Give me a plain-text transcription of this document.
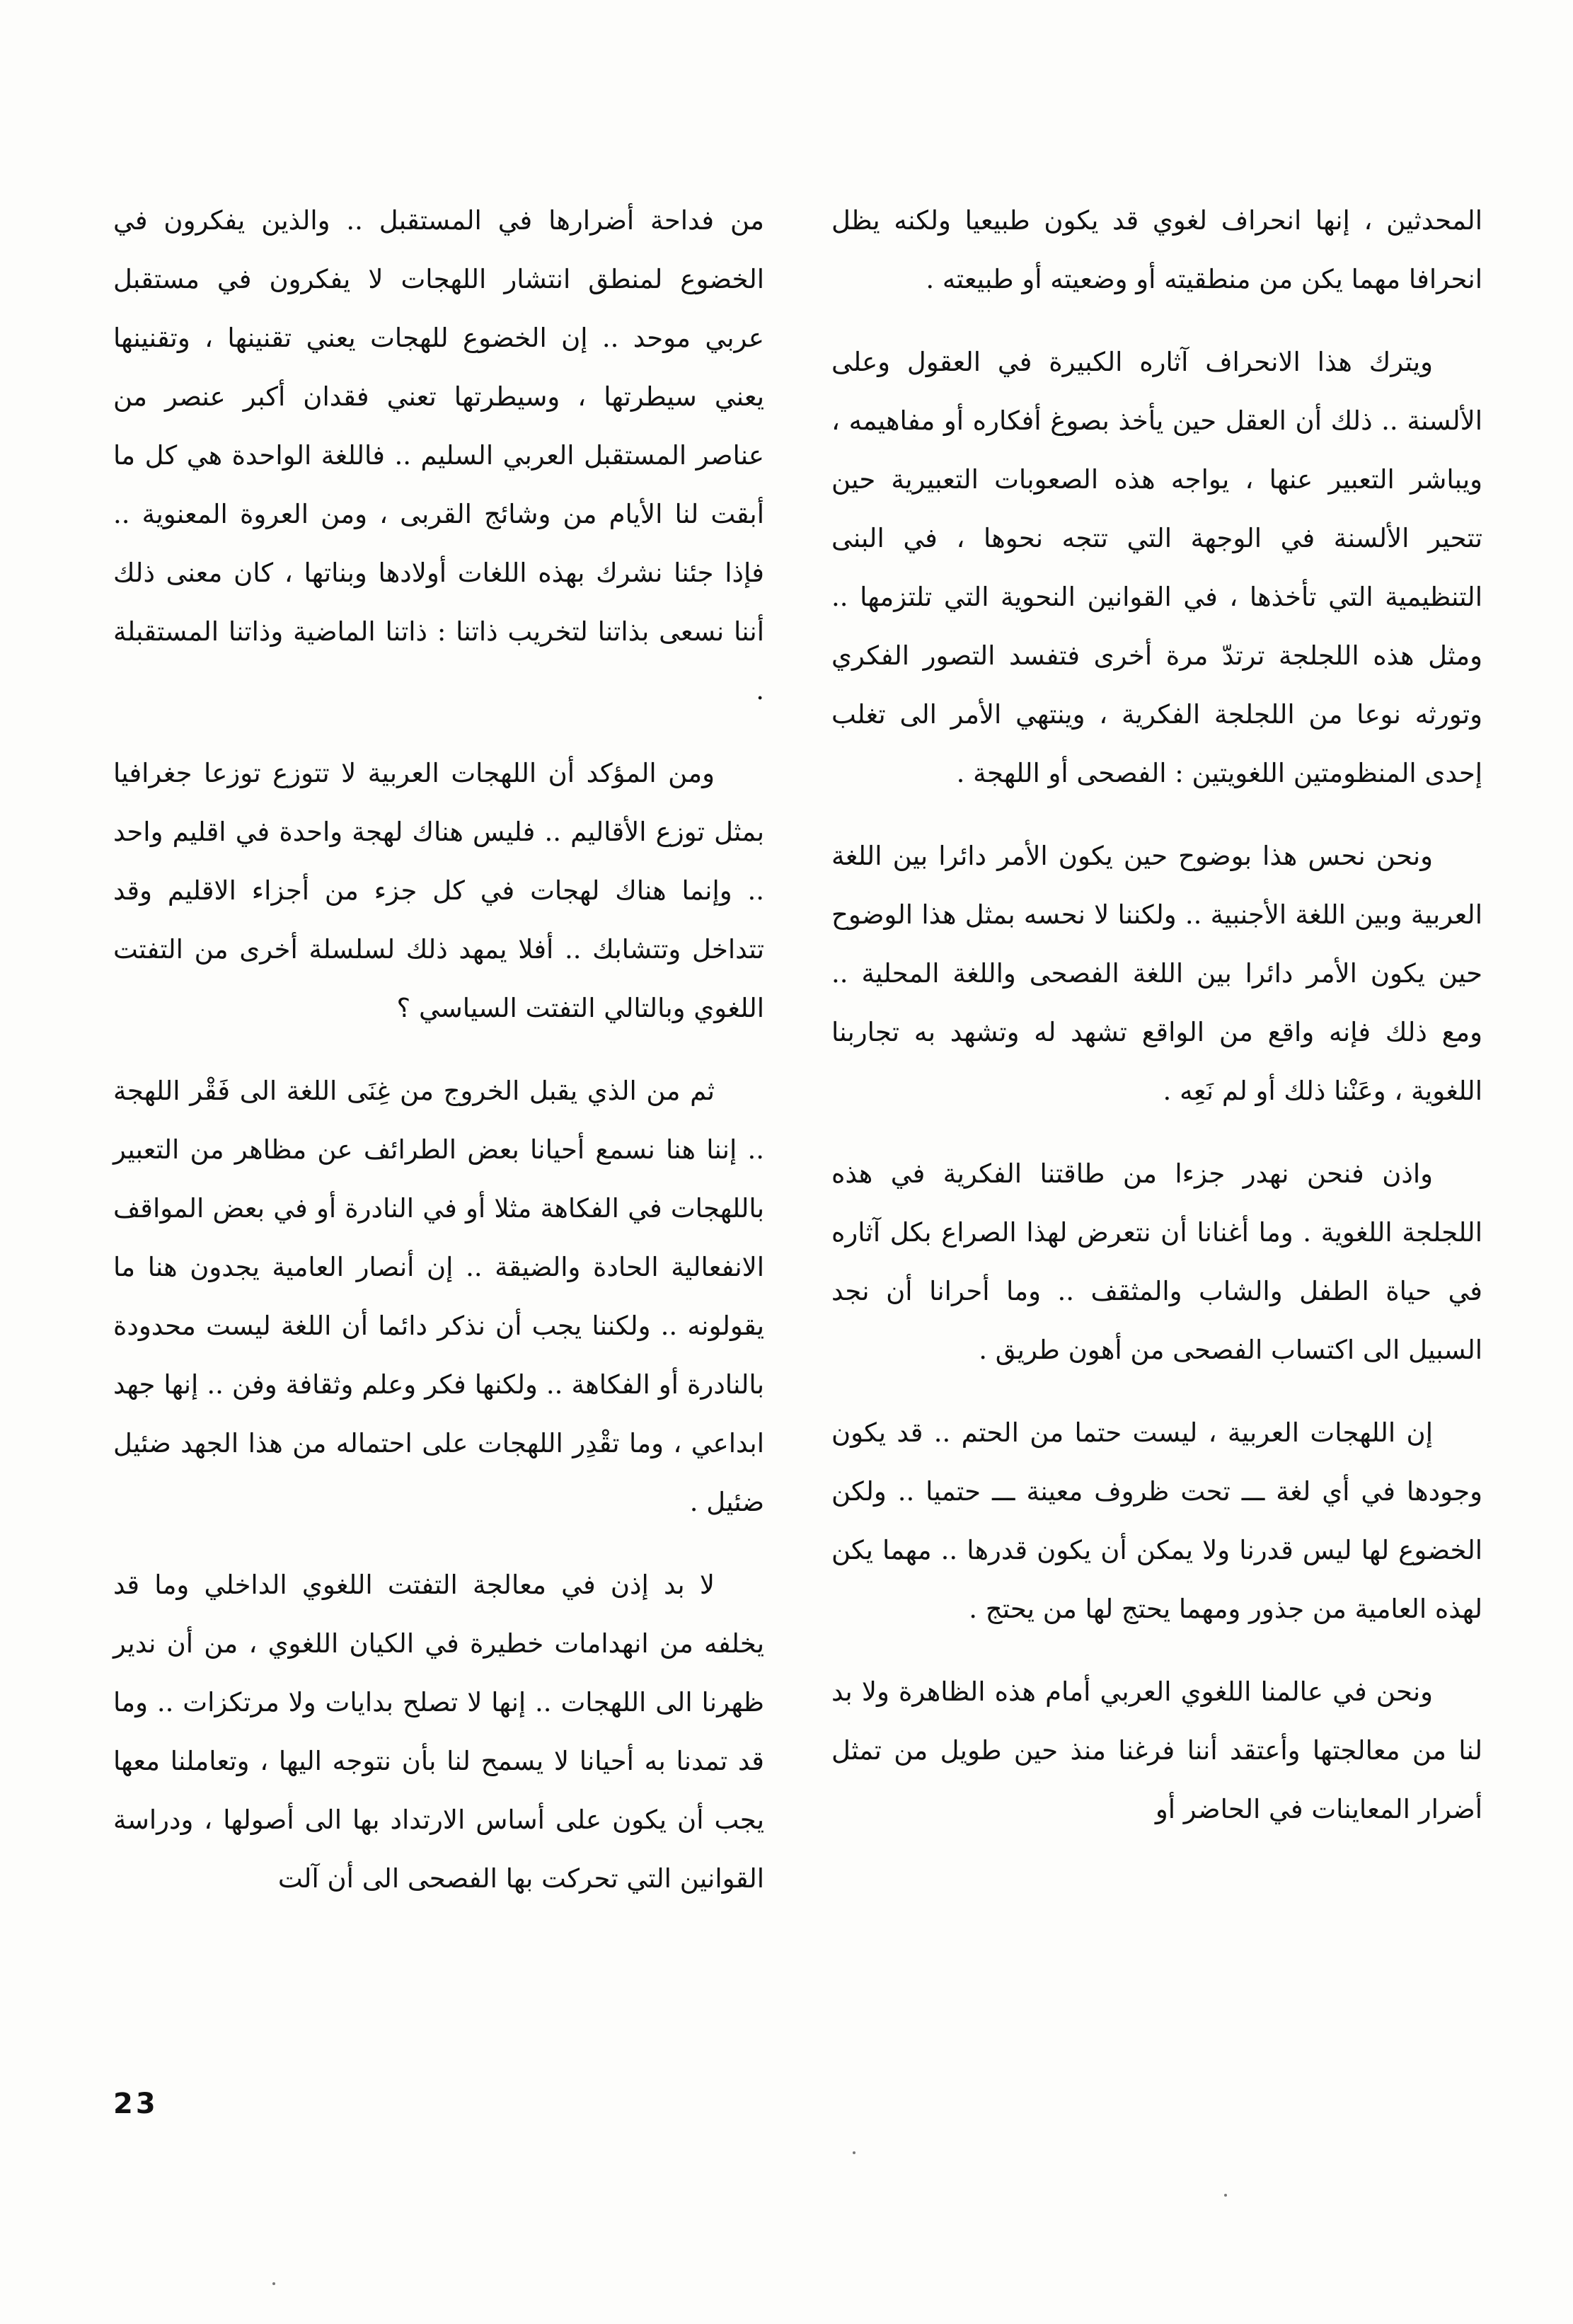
المحدثين ، إنها انحراف لغوي قد يكون طبيعيا ولكنه يظل انحرافا مهما يكن من منطقيته أو وضعيته أو طبيعته .

ويترك هذا الانحراف آثاره الكبيرة في العقول وعلى الألسنة .. ذلك أن العقل حين يأخذ بصوغ أفكاره أو مفاهيمه ، ويباشر التعبير عنها ، يواجه هذه الصعوبات التعبيرية حين تتحير الألسنة في الوجهة التي تتجه نحوها ، في البنى التنظيمية التي تأخذها ، في القوانين النحوية التي تلتزمها .. ومثل هذه اللجلجة ترتدّ مرة أخرى فتفسد التصور الفكري وتورثه نوعا من اللجلجة الفكرية ، وينتهي الأمر الى تغلب إحدى المنظومتين اللغويتين : الفصحى أو اللهجة .

ونحن نحس هذا بوضوح حين يكون الأمر دائرا بين اللغة العربية وبين اللغة الأجنبية .. ولكننا لا نحسه بمثل هذا الوضوح حين يكون الأمر دائرا بين اللغة الفصحى واللغة المحلية .. ومع ذلك فإنه واقع من الواقع تشهد له وتشهد به تجاربنا اللغوية ، وعَنْنا ذلك أو لم نَعِه .

واذن فنحن نهدر جزءا من طاقتنا الفكرية في هذه اللجلجة اللغوية . وما أغنانا أن نتعرض لهذا الصراع بكل آثاره في حياة الطفل والشاب والمثقف .. وما أحرانا أن نجد السبيل الى اكتساب الفصحى من أهون طريق .

إن اللهجات العربية ، ليست حتما من الحتم .. قد يكون وجودها في أي لغة ـــ تحت ظروف معينة ـــ حتميا .. ولكن الخضوع لها ليس قدرنا ولا يمكن أن يكون قدرها .. مهما يكن لهذه العامية من جذور ومهما يحتج لها من يحتج .

ونحن في عالمنا اللغوي العربي أمام هذه الظاهرة ولا بد لنا من معالجتها وأعتقد أننا فرغنا منذ حين طويل من تمثل أضرار المعاينات في الحاضر أو

من فداحة أضرارها في المستقبل .. والذين يفكرون في الخضوع لمنطق انتشار اللهجات لا يفكرون في مستقبل عربي موحد .. إن الخضوع للهجات يعني تقنينها ، وتقنينها يعني سيطرتها ، وسيطرتها تعني فقدان أكبر عنصر من عناصر المستقبل العربي السليم .. فاللغة الواحدة هي كل ما أبقت لنا الأيام من وشائج القربى ، ومن العروة المعنوية .. فإذا جئنا نشرك بهذه اللغات أولادها وبناتها ، كان معنى ذلك أننا نسعى بذاتنا لتخريب ذاتنا : ذاتنا الماضية وذاتنا المستقبلة .

ومن المؤكد أن اللهجات العربية لا تتوزع توزعا جغرافيا بمثل توزع الأقاليم .. فليس هناك لهجة واحدة في اقليم واحد .. وإنما هناك لهجات في كل جزء من أجزاء الاقليم وقد تتداخل وتتشابك .. أفلا يمهد ذلك لسلسلة أخرى من التفتت اللغوي وبالتالي التفتت السياسي ؟

ثم من الذي يقبل الخروج من غِنَى اللغة الى فَقْر اللهجة .. إننا هنا نسمع أحيانا بعض الطرائف عن مظاهر من التعبير باللهجات في الفكاهة مثلا أو في النادرة أو في بعض المواقف الانفعالية الحادة والضيقة .. إن أنصار العامية يجدون هنا ما يقولونه .. ولكننا يجب أن نذكر دائما أن اللغة ليست محدودة بالنادرة أو الفكاهة .. ولكنها فكر وعلم وثقافة وفن .. إنها جهد ابداعي ، وما تقْدِر اللهجات على احتماله من هذا الجهد ضئيل ضئيل .

لا بد إذن في معالجة التفتت اللغوي الداخلي وما قد يخلفه من انهدامات خطيرة في الكيان اللغوي ، من أن ندير ظهرنا الى اللهجات .. إنها لا تصلح بدايات ولا مرتكزات .. وما قد تمدنا به أحيانا لا يسمح لنا بأن نتوجه اليها ، وتعاملنا معها يجب أن يكون على أساس الارتداد بها الى أصولها ، ودراسة القوانين التي تحركت بها الفصحى الى أن آلت

23
